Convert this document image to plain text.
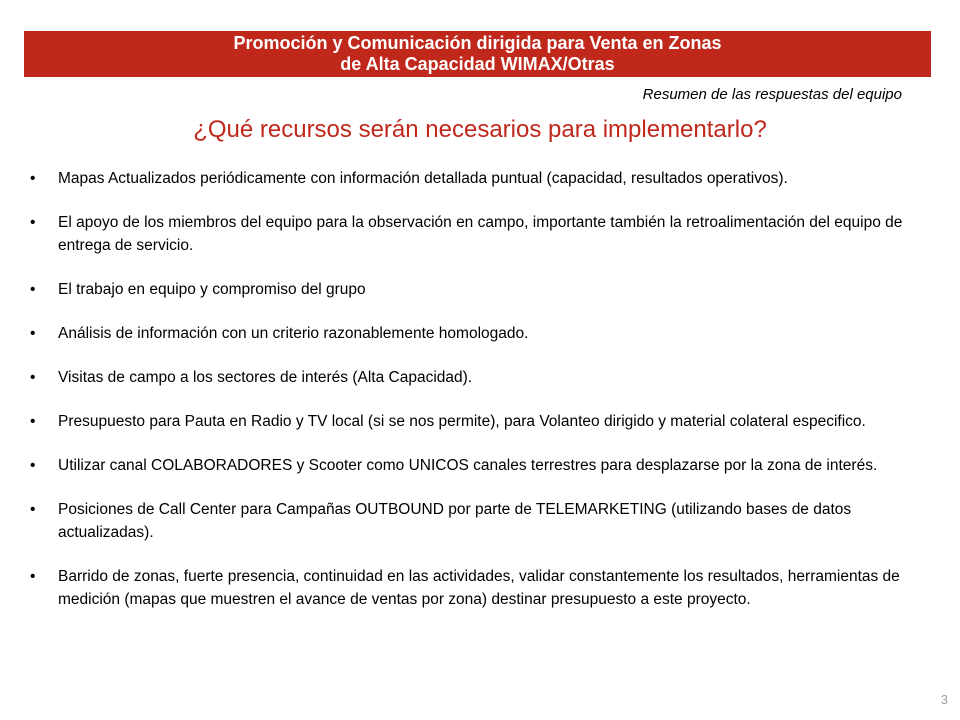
Promoción y Comunicación dirigida para Venta en Zonas
de Alta Capacidad WIMAX/Otras
Resumen de las respuestas del equipo
¿Qué recursos serán necesarios para implementarlo?
• Mapas Actualizados periódicamente con información detallada puntual (capacidad, resultados operativos).
• El apoyo de los miembros del equipo para la observación en campo, importante también la retroalimentación del equipo de entrega de servicio.
• El trabajo en equipo y compromiso del grupo
• Análisis de información con un criterio razonablemente homologado.
• Visitas de campo a los sectores de interés (Alta Capacidad).
• Presupuesto para Pauta en Radio y TV local (si se nos permite), para Volanteo dirigido y material colateral especifico.
• Utilizar canal COLABORADORES y Scooter como UNICOS canales terrestres para desplazarse por la zona de interés.
• Posiciones de Call Center para Campañas OUTBOUND por parte de TELEMARKETING (utilizando bases de datos actualizadas).
• Barrido de zonas, fuerte presencia, continuidad en las actividades, validar constantemente los resultados, herramientas de medición (mapas que muestren el avance de ventas por zona) destinar presupuesto a este proyecto.
3
